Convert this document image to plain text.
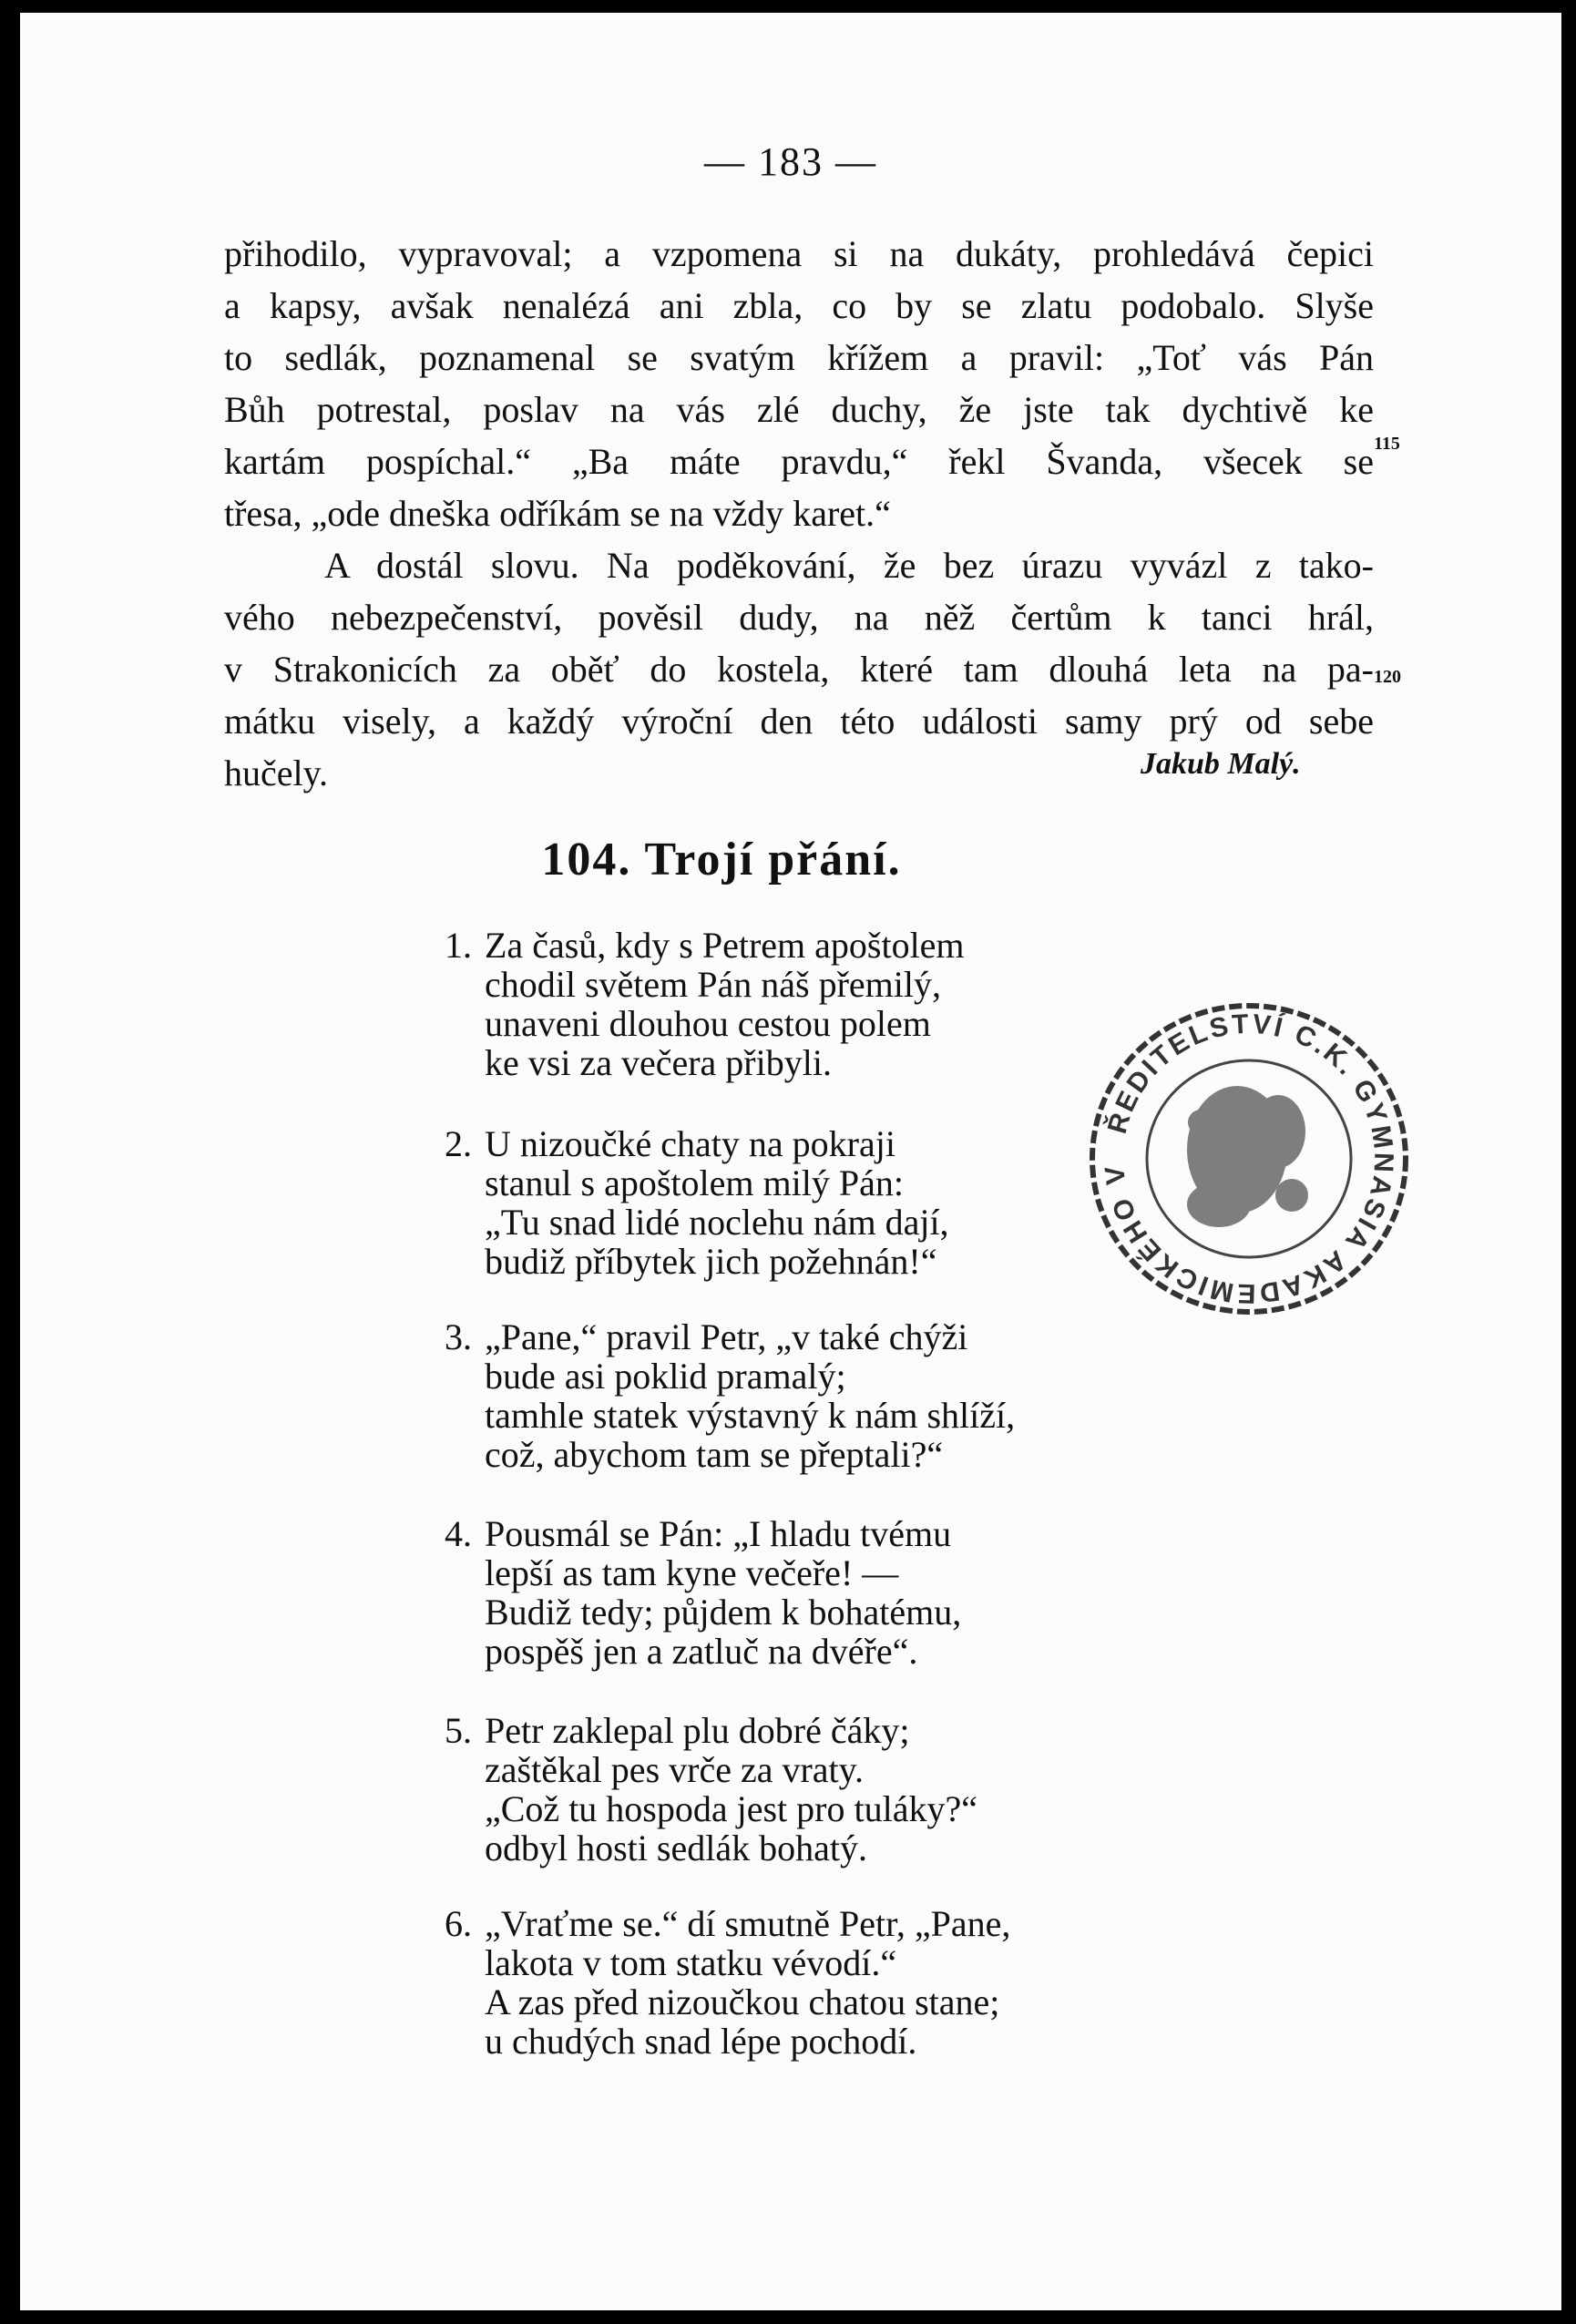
— 183 —
přihodilo, vypravoval; a vzpomena si na dukáty, prohledává čepici
a kapsy, avšak nenalézá ani zbla, co by se zlatu podobalo. Slyše
to sedlák, poznamenal se svatým křížem a pravil: „Toť vás Pán
Bůh potrestal, poslav na vás zlé duchy, že jste tak dychtivě ke
kartám pospíchal.“ „Ba máte pravdu,“ řekl Švanda, všecek se
třesa, „ode dneška odříkám se na vždy karet.“
A dostál slovu. Na poděkování, že bez úrazu vyvázl z tako-
vého nebezpečenství, pověsil dudy, na něž čertům k tanci hrál,
v Strakonicích za oběť do kostela, které tam dlouhá leta na pa-
mátku visely, a každý výroční den této události samy prý od sebe
hučely.
115
120
Jakub Malý.
104. Trojí přání.
1. Za časů, kdy s Petrem apoštolem
chodil světem Pán náš přemilý,
unaveni dlouhou cestou polem
ke vsi za večera přibyli.
2. U nizoučké chaty na pokraji
stanul s apoštolem milý Pán:
„Tu snad lidé noclehu nám dají,
budiž příbytek jich požehnán!“
3. „Pane,“ pravil Petr, „v také chýži
bude asi poklid pramalý;
tamhle statek výstavný k nám shlíží,
což, abychom tam se přeptali?“
4. Pousmál se Pán: „I hladu tvému
lepší as tam kyne večeře! —
Budiž tedy; půjdem k bohatému,
pospěš jen a zatluč na dvéře“.
5. Petr zaklepal plu dobré čáky;
zaštěkal pes vrče za vraty.
„Což tu hospoda jest pro tuláky?“
odbyl hosti sedlák bohatý.
6. „Vraťme se.“ dí smutně Petr, „Pane,
lakota v tom statku vévodí.“
A zas před nizoučkou chatou stane;
u chudých snad lépe pochodí.
ŘEDITELSTVÍ C.K. GYMNASIA AKADEMICKÉHO V
